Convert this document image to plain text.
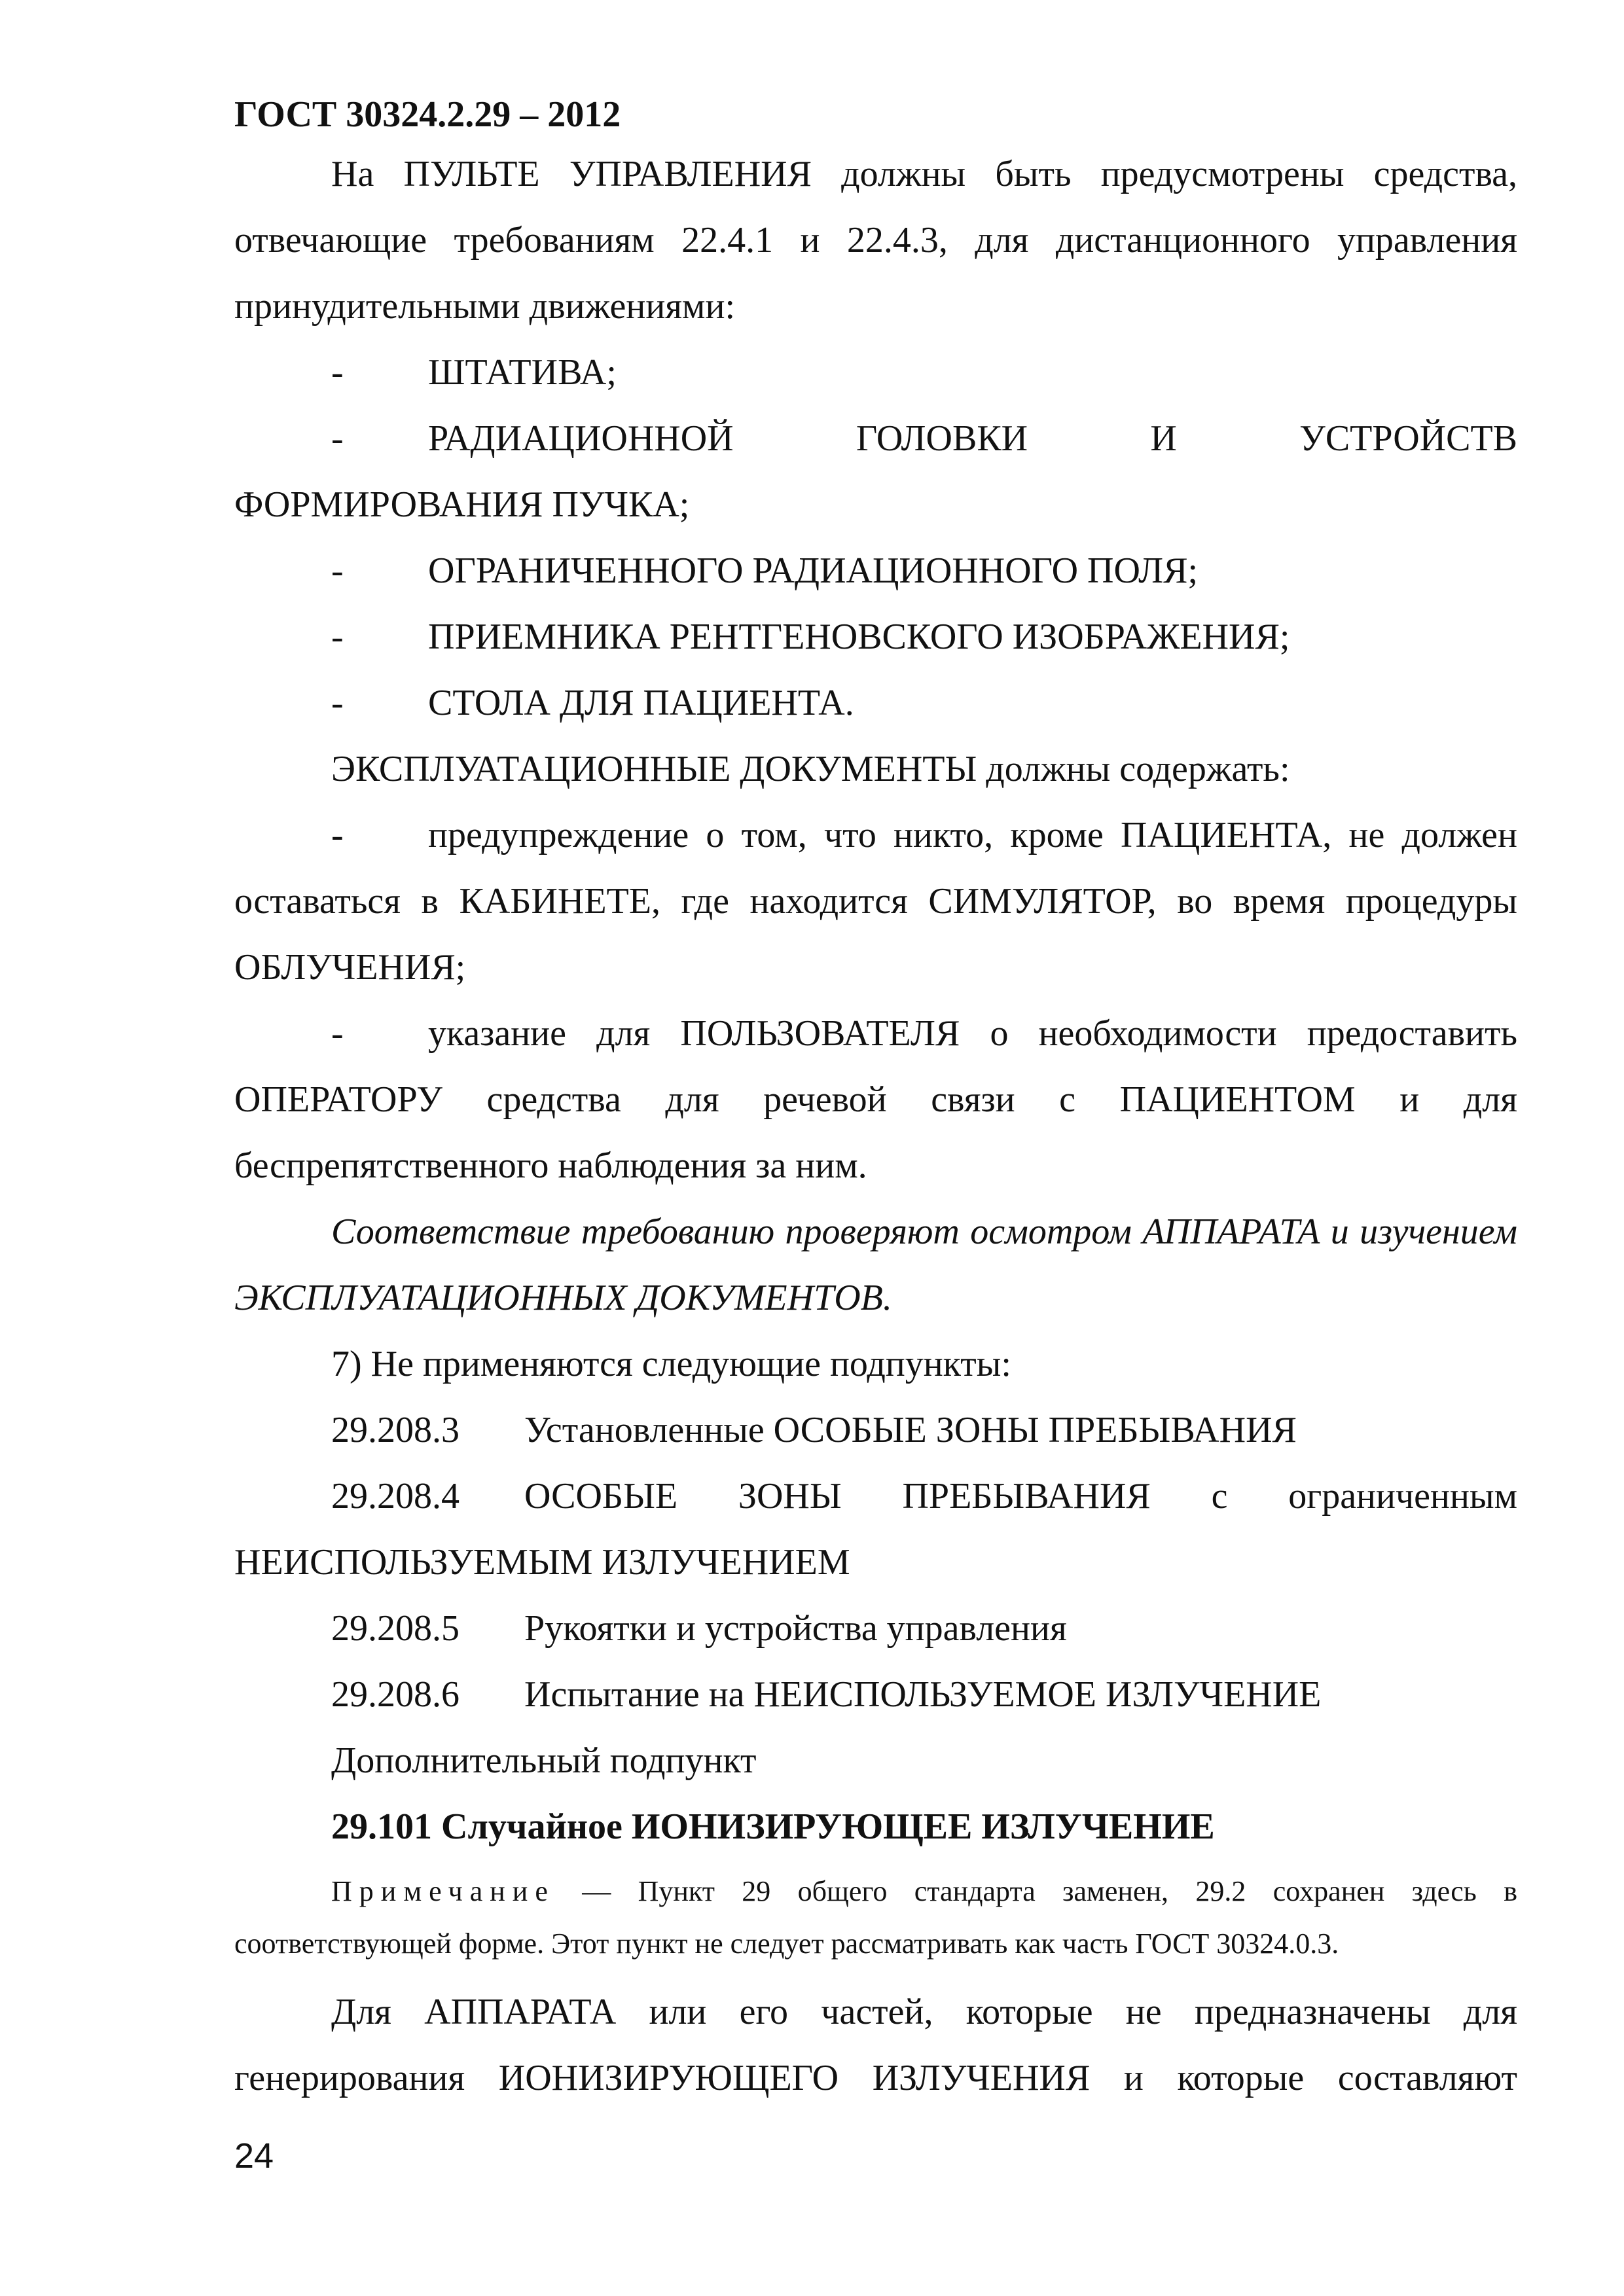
ГОСТ 30324.2.29 – 2012

На ПУЛЬТЕ УПРАВЛЕНИЯ должны быть предусмотрены средства, отвечающие требованиям 22.4.1 и 22.4.3, для дистанционного управления принудительными движениями:

- ШТАТИВА;

- РАДИАЦИОННОЙ ГОЛОВКИ И УСТРОЙСТВ
ФОРМИРОВАНИЯ ПУЧКА;

- ОГРАНИЧЕННОГО РАДИАЦИОННОГО ПОЛЯ;

- ПРИЕМНИКА РЕНТГЕНОВСКОГО ИЗОБРАЖЕНИЯ;

- СТОЛА ДЛЯ ПАЦИЕНТА.

ЭКСПЛУАТАЦИОННЫЕ ДОКУМЕНТЫ должны содержать:

- предупреждение о том, что никто, кроме ПАЦИЕНТА, не должен оставаться в КАБИНЕТЕ, где находится СИМУЛЯТОР, во время процедуры ОБЛУЧЕНИЯ;

- указание для ПОЛЬЗОВАТЕЛЯ о необходимости предоставить ОПЕРАТОРУ средства для речевой связи с ПАЦИЕНТОМ и для беспрепятственного наблюдения за ним.

Соответствие требованию проверяют осмотром АППАРАТА и изучением ЭКСПЛУАТАЦИОННЫХ ДОКУМЕНТОВ.

7) Не применяются следующие подпункты:

29.208.3 Установленные ОСОБЫЕ ЗОНЫ ПРЕБЫВАНИЯ

29.208.4 ОСОБЫЕ ЗОНЫ ПРЕБЫВАНИЯ с ограниченным
НЕИСПОЛЬЗУЕМЫМ ИЗЛУЧЕНИЕМ

29.208.5 Рукоятки и устройства управления

29.208.6 Испытание на НЕИСПОЛЬЗУЕМОЕ ИЗЛУЧЕНИЕ

Дополнительный подпункт

29.101 Случайное ИОНИЗИРУЮЩЕЕ ИЗЛУЧЕНИЕ

Примечание — Пункт 29 общего стандарта заменен, 29.2 сохранен здесь в соответствующей форме. Этот пункт не следует рассматривать как часть ГОСТ 30324.0.3.

Для АППАРАТА или его частей, которые не предназначены для генерирования ИОНИЗИРУЮЩЕГО ИЗЛУЧЕНИЯ и которые составляют

24
